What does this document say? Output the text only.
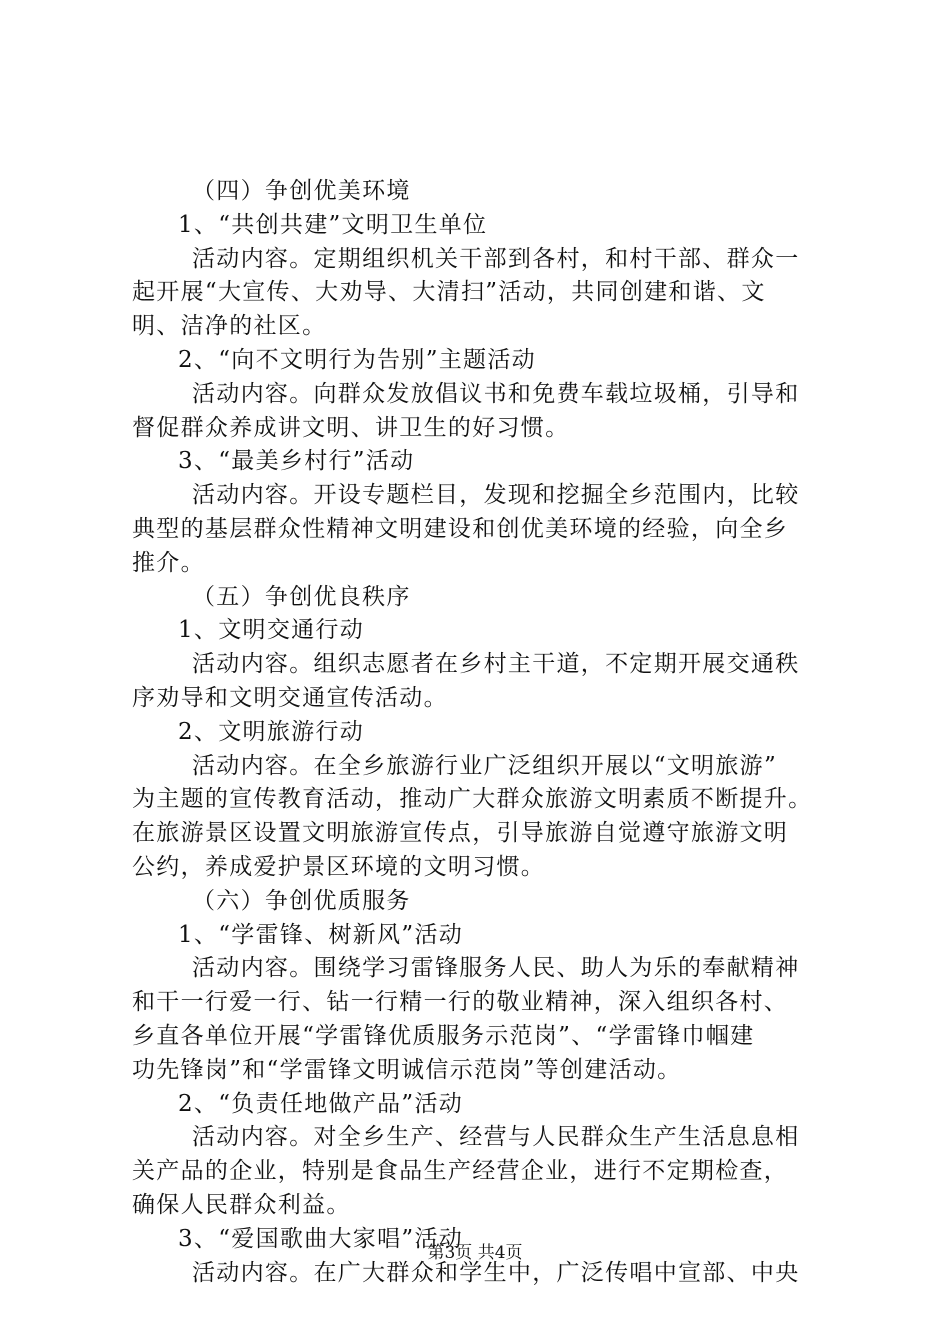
（四）争创优美环境
1、“共创共建”文明卫生单位
活动内容。定期组织机关干部到各村，和村干部、群众一
起开展“大宣传、大劝导、大清扫”活动，共同创建和谐、文
明、洁净的社区。
2、“向不文明行为告别”主题活动
活动内容。向群众发放倡议书和免费车载垃圾桶，引导和
督促群众养成讲文明、讲卫生的好习惯。
3、“最美乡村行”活动
活动内容。开设专题栏目，发现和挖掘全乡范围内，比较
典型的基层群众性精神文明建设和创优美环境的经验，向全乡
推介。
（五）争创优良秩序
1、文明交通行动
活动内容。组织志愿者在乡村主干道，不定期开展交通秩
序劝导和文明交通宣传活动。
2、文明旅游行动
活动内容。在全乡旅游行业广泛组织开展以“文明旅游”
为主题的宣传教育活动，推动广大群众旅游文明素质不断提升。
在旅游景区设置文明旅游宣传点，引导旅游自觉遵守旅游文明
公约，养成爱护景区环境的文明习惯。
（六）争创优质服务
1、“学雷锋、树新风”活动
活动内容。围绕学习雷锋服务人民、助人为乐的奉献精神
和干一行爱一行、钻一行精一行的敬业精神，深入组织各村、
乡直各单位开展“学雷锋优质服务示范岗”、“学雷锋巾帼建
功先锋岗”和“学雷锋文明诚信示范岗”等创建活动。
2、“负责任地做产品”活动
活动内容。对全乡生产、经营与人民群众生产生活息息相
关产品的企业，特别是食品生产经营企业，进行不定期检查，
确保人民群众利益。
3、“爱国歌曲大家唱”活动
活动内容。在广大群众和学生中，广泛传唱中宣部、中央
第3页 共4页
